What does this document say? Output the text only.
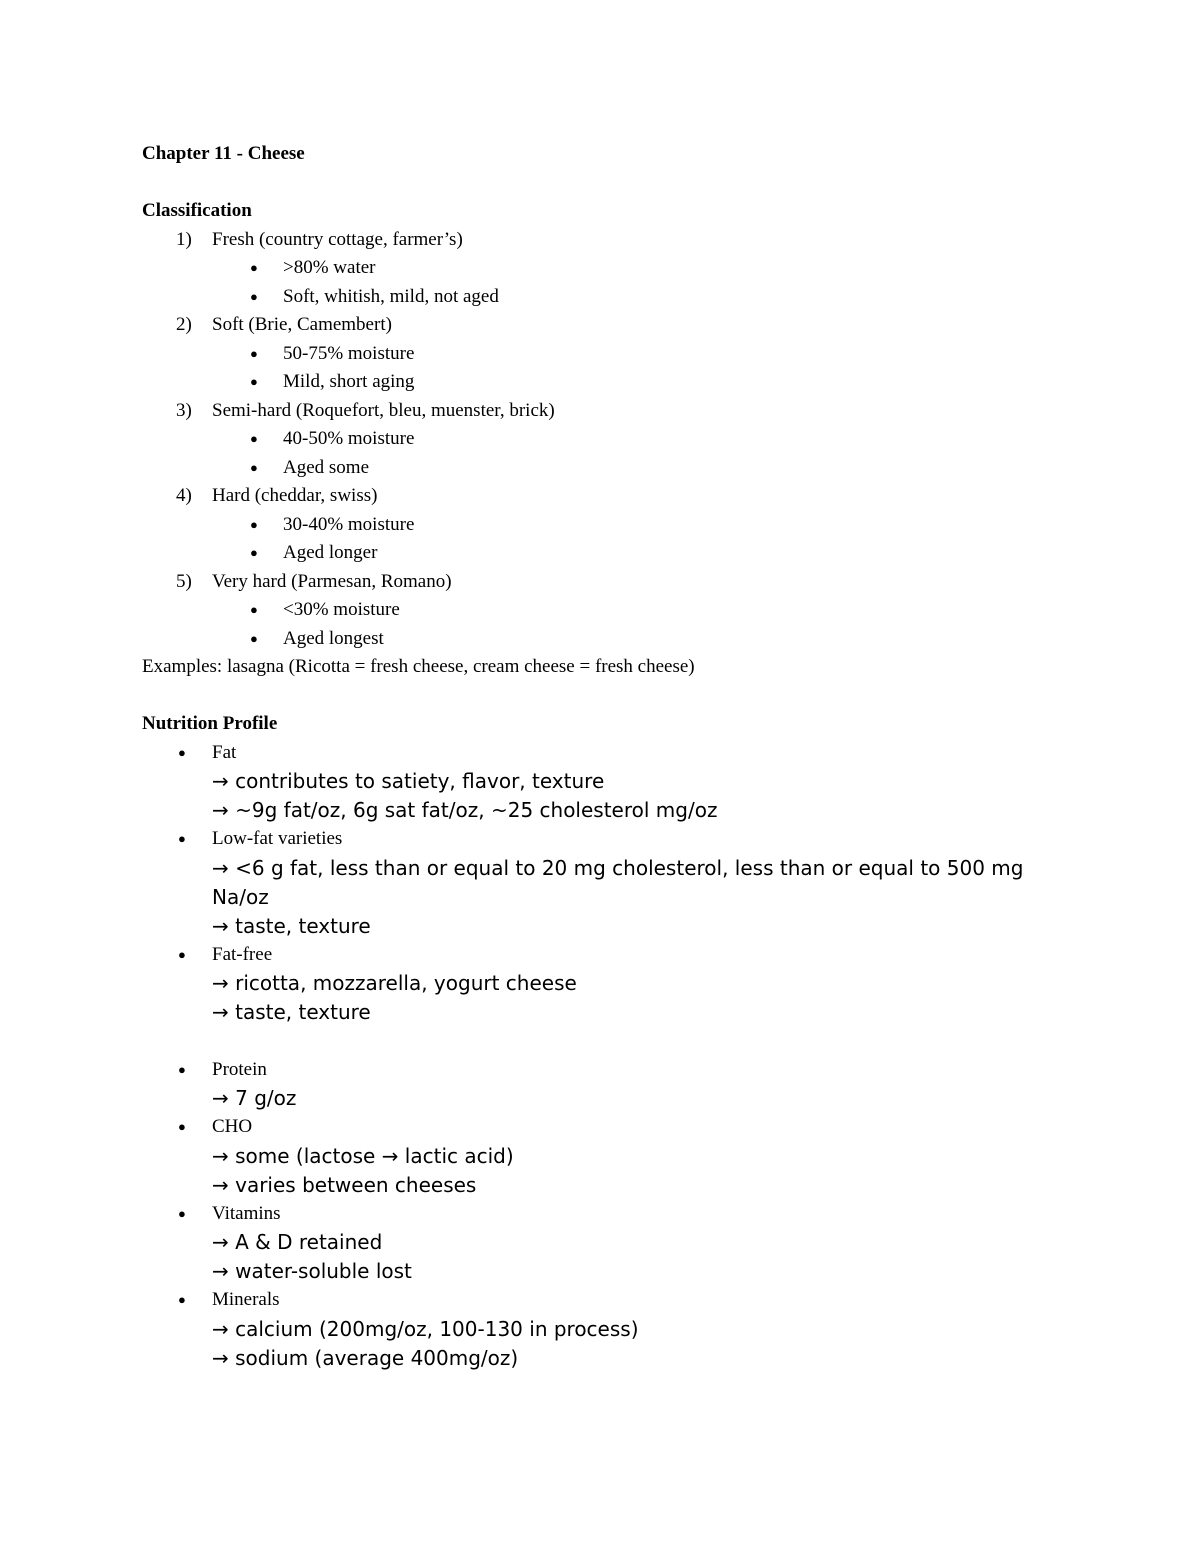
Chapter 11 - Cheese
Classification
1) Fresh (country cottage, farmer’s)
● >80% water
● Soft, whitish, mild, not aged
2) Soft (Brie, Camembert)
● 50-75% moisture
● Mild, short aging
3) Semi-hard (Roquefort, bleu, muenster, brick)
● 40-50% moisture
● Aged some
4) Hard (cheddar, swiss)
● 30-40% moisture
● Aged longer
5) Very hard (Parmesan, Romano)
● <30% moisture
● Aged longest
Examples: lasagna (Ricotta = fresh cheese, cream cheese = fresh cheese)
Nutrition Profile
● Fat
→ contributes to satiety, flavor, texture
→ ~9g fat/oz, 6g sat fat/oz, ~25 cholesterol mg/oz
● Low-fat varieties
→ <6 g fat, less than or equal to 20 mg cholesterol, less than or equal to 500 mg Na/oz
→ taste, texture
● Fat-free
→ ricotta, mozzarella, yogurt cheese
→ taste, texture
● Protein
→ 7 g/oz
● CHO
→ some (lactose → lactic acid)
→ varies between cheeses
● Vitamins
→ A & D retained
→ water-soluble lost
● Minerals
→ calcium (200mg/oz, 100-130 in process)
→ sodium (average 400mg/oz)
